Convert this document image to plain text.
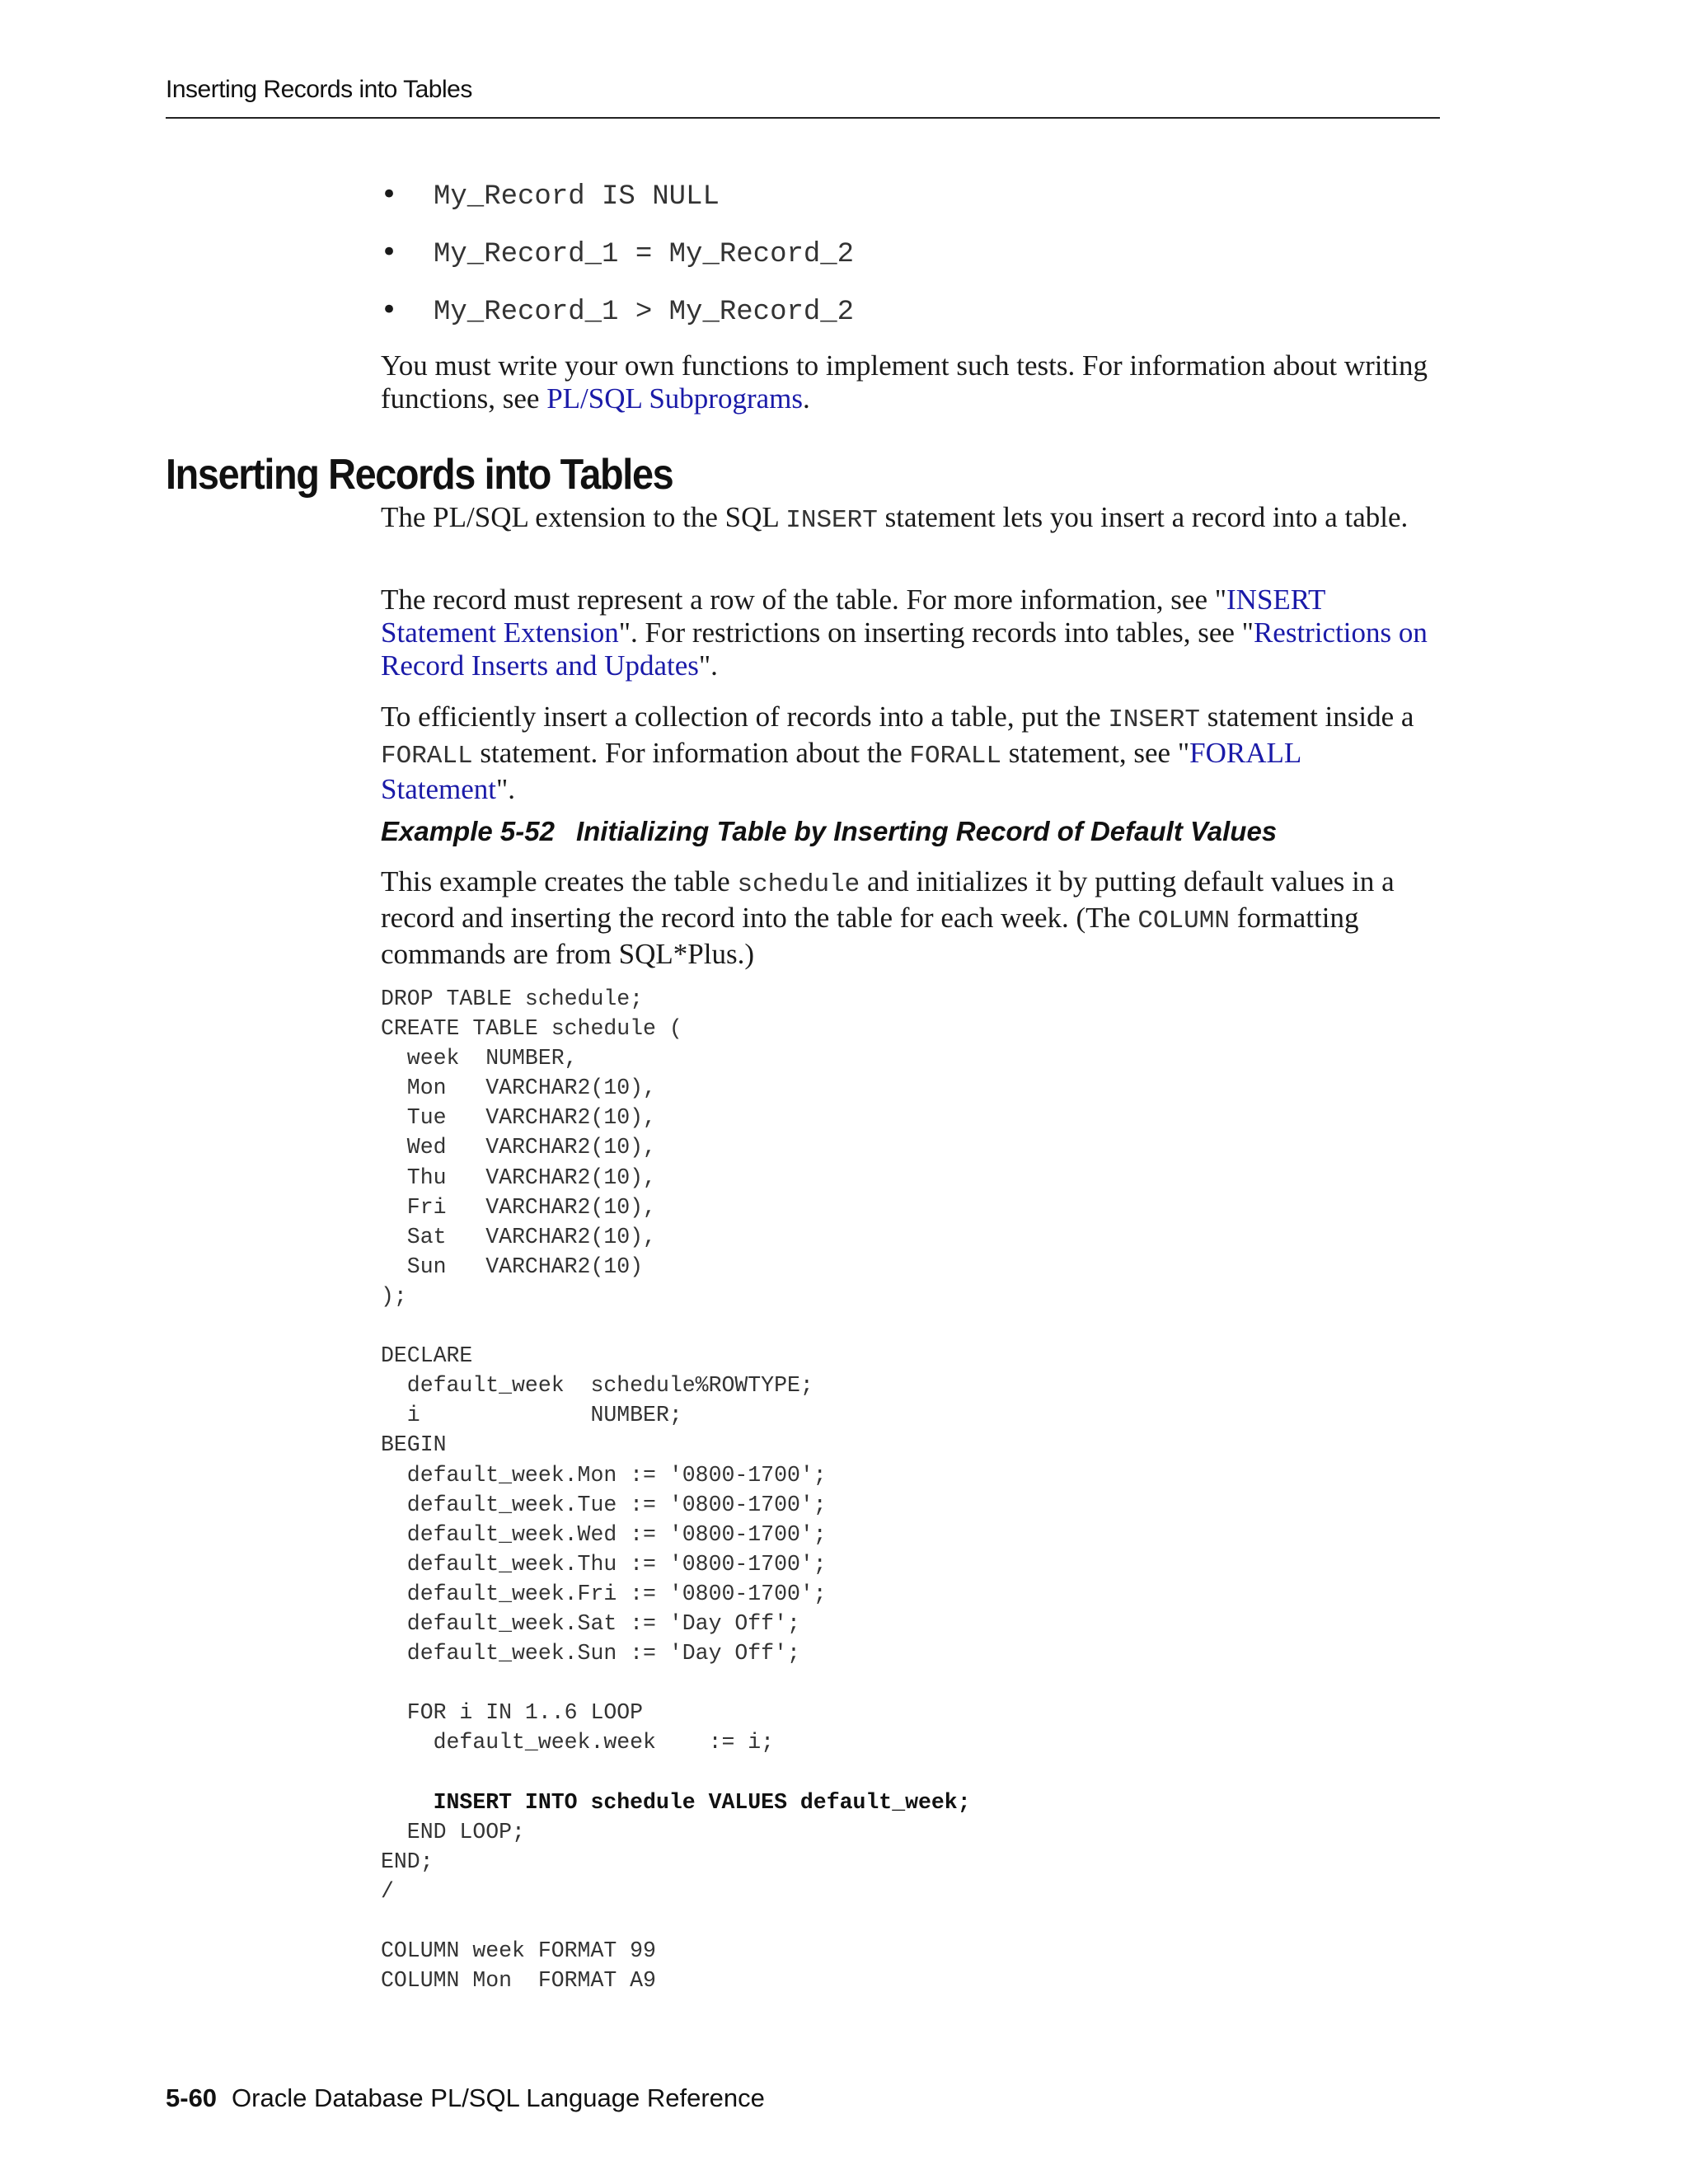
Inserting Records into Tables
•	My_Record IS NULL
•	My_Record_1 = My_Record_2
•	My_Record_1 > My_Record_2

You must write your own functions to implement such tests. For information about writing functions, see PL/SQL Subprograms.

Inserting Records into Tables

The PL/SQL extension to the SQL INSERT statement lets you insert a record into a table.

The record must represent a row of the table. For more information, see "INSERT Statement Extension". For restrictions on inserting records into tables, see "Restrictions on Record Inserts and Updates".

To efficiently insert a collection of records into a table, put the INSERT statement inside a FORALL statement. For information about the FORALL statement, see "FORALL Statement".

Example 5-52 Initializing Table by Inserting Record of Default Values

This example creates the table schedule and initializes it by putting default values in a record and inserting the record into the table for each week. (The COLUMN formatting commands are from SQL*Plus.)

DROP TABLE schedule;
CREATE TABLE schedule (
week  NUMBER,
Mon   VARCHAR2(10),
Tue   VARCHAR2(10),
Wed   VARCHAR2(10),
Thu   VARCHAR2(10),
Fri   VARCHAR2(10),
Sat   VARCHAR2(10),
Sun   VARCHAR2(10)
);
DECLARE
default_week  schedule%ROWTYPE;
i             NUMBER;
BEGIN
default_week.Mon := '0800-1700';
default_week.Tue := '0800-1700';
default_week.Wed := '0800-1700';
default_week.Thu := '0800-1700';
default_week.Fri := '0800-1700';
default_week.Sat := 'Day Off';
default_week.Sun := 'Day Off';
FOR i IN 1..6 LOOP
default_week.week    := i;
INSERT INTO schedule VALUES default_week;
END LOOP;
END;
/
COLUMN week FORMAT 99
COLUMN Mon  FORMAT A9
5-60 Oracle Database PL/SQL Language Reference
